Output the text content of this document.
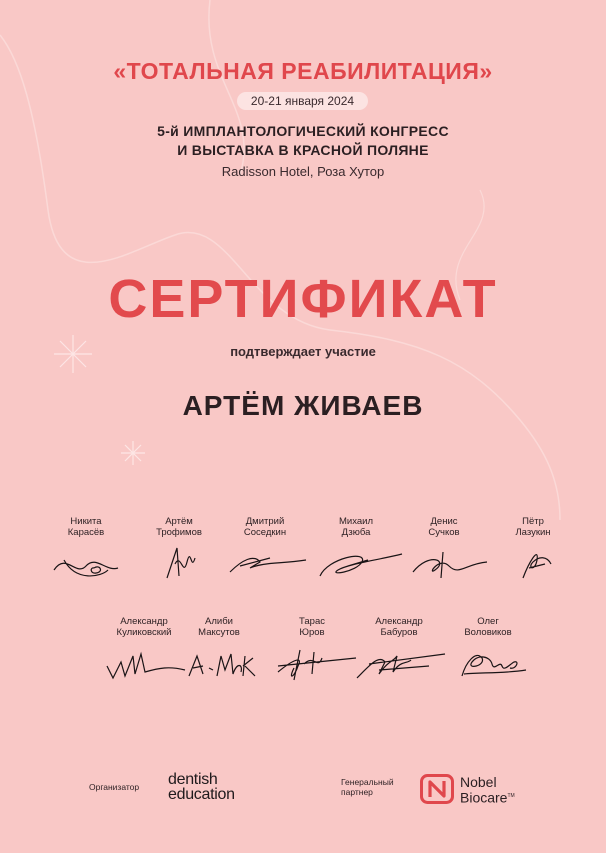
«ТОТАЛЬНАЯ РЕАБИЛИТАЦИЯ»
20-21 января 2024
5-й ИМПЛАНТОЛОГИЧЕСКИЙ КОНГРЕСС
И ВЫСТАВКА В КРАСНОЙ ПОЛЯНЕ
Radisson Hotel, Роза Хутор
СЕРТИФИКАТ
подтверждает участие
АРТЁМ ЖИВАЕВ
Никита
Карасёв
Артём
Трофимов
Дмитрий
Соседкин
Михаил
Дзюба
Денис
Сучков
Пётр
Лазукин
Александр
Куликовский
Алиби
Максутов
Тарас
Юров
Александр
Бабуров
Олег
Воловиков
Организатор dentish
education
Генеральный
партнер
Nobel
Biocare™
